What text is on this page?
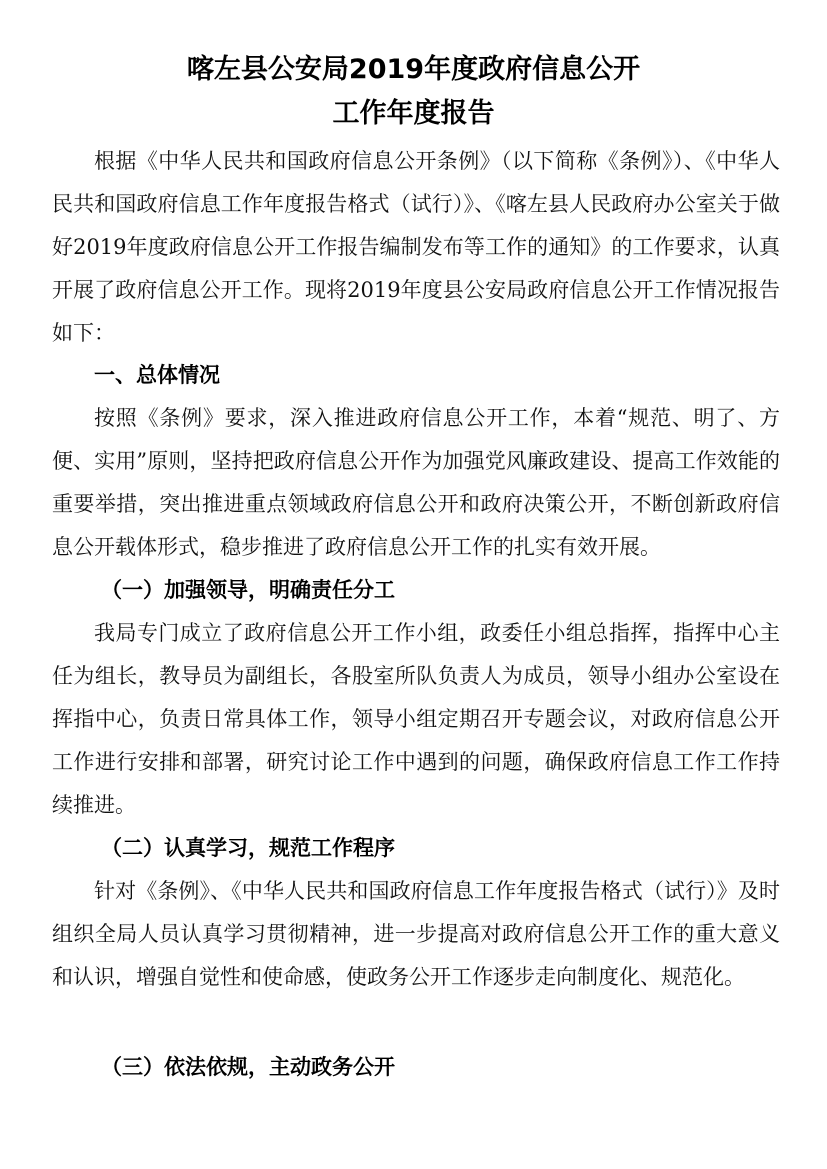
喀左县公安局2019年度政府信息公开
工作年度报告

根据《中华人民共和国政府信息公开条例》（以下简称《条例》）、《中华人民共和国政府信息工作年度报告格式（试行）》、《喀左县人民政府办公室关于做好2019年度政府信息公开工作报告编制发布等工作的通知》的工作要求，认真开展了政府信息公开工作。现将2019年度县公安局政府信息公开工作情况报告如下：

一、总体情况

按照《条例》要求，深入推进政府信息公开工作，本着“规范、明了、方便、实用”原则，坚持把政府信息公开作为加强党风廉政建设、提高工作效能的重要举措，突出推进重点领域政府信息公开和政府决策公开，不断创新政府信息公开载体形式，稳步推进了政府信息公开工作的扎实有效开展。

（一）加强领导，明确责任分工

我局专门成立了政府信息公开工作小组，政委任小组总指挥，指挥中心主任为组长，教导员为副组长，各股室所队负责人为成员，领导小组办公室设在挥指中心，负责日常具体工作，领导小组定期召开专题会议，对政府信息公开工作进行安排和部署，研究讨论工作中遇到的问题，确保政府信息工作工作持续推进。

（二）认真学习，规范工作程序

针对《条例》、《中华人民共和国政府信息工作年度报告格式（试行）》及时组织全局人员认真学习贯彻精神，进一步提高对政府信息公开工作的重大意义和认识，增强自觉性和使命感，使政务公开工作逐步走向制度化、规范化。

（三）依法依规，主动政务公开
